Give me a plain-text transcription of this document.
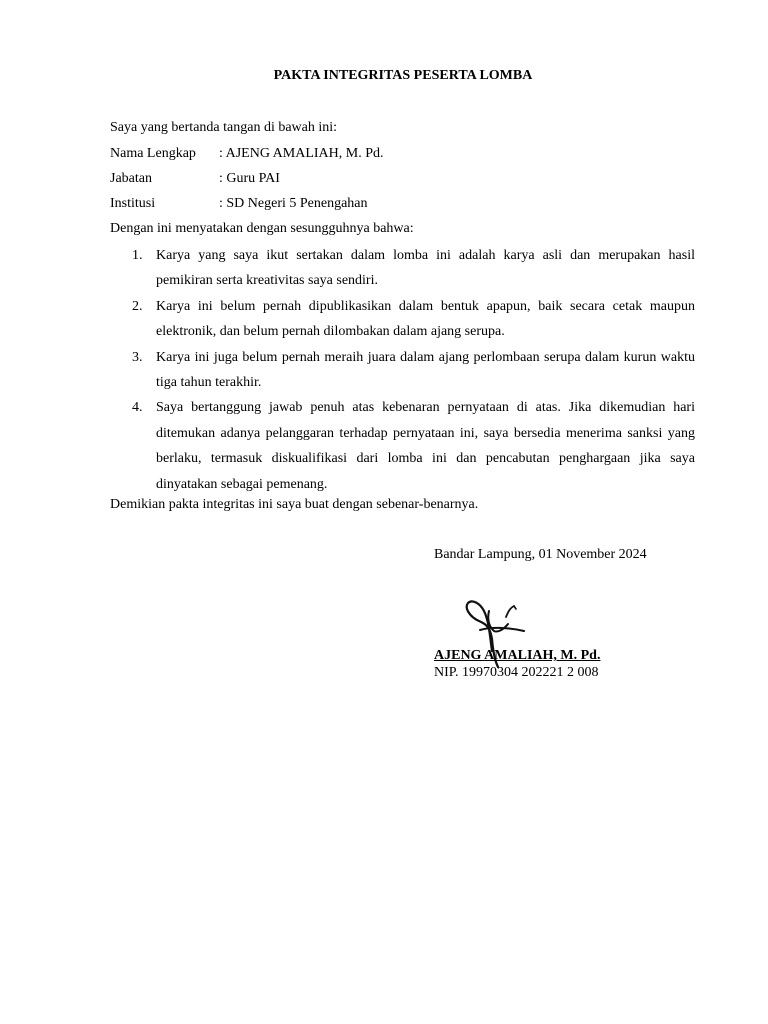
PAKTA INTEGRITAS PESERTA LOMBA
Saya yang bertanda tangan di bawah ini:
Nama Lengkap : AJENG AMALIAH, M. Pd.
Jabatan	: Guru PAI
Institusi	: SD Negeri 5 Penengahan
Dengan ini menyatakan dengan sesungguhnya bahwa:
1. Karya yang saya ikut sertakan dalam lomba ini adalah karya asli dan merupakan hasil pemikiran serta kreativitas saya sendiri.
2. Karya ini belum pernah dipublikasikan dalam bentuk apapun, baik secara cetak maupun elektronik, dan belum pernah dilombakan dalam ajang serupa.
3. Karya ini juga belum pernah meraih juara dalam ajang perlombaan serupa dalam kurun waktu tiga tahun terakhir.
4. Saya bertanggung jawab penuh atas kebenaran pernyataan di atas. Jika dikemudian hari ditemukan adanya pelanggaran terhadap pernyataan ini, saya bersedia menerima sanksi yang berlaku, termasuk diskualifikasi dari lomba ini dan pencabutan penghargaan jika saya dinyatakan sebagai pemenang.
Demikian pakta integritas ini saya buat dengan sebenar-benarnya.
Bandar Lampung, 01 November 2024
AJENG AMALIAH, M. Pd.
NIP. 19970304 202221 2 008
